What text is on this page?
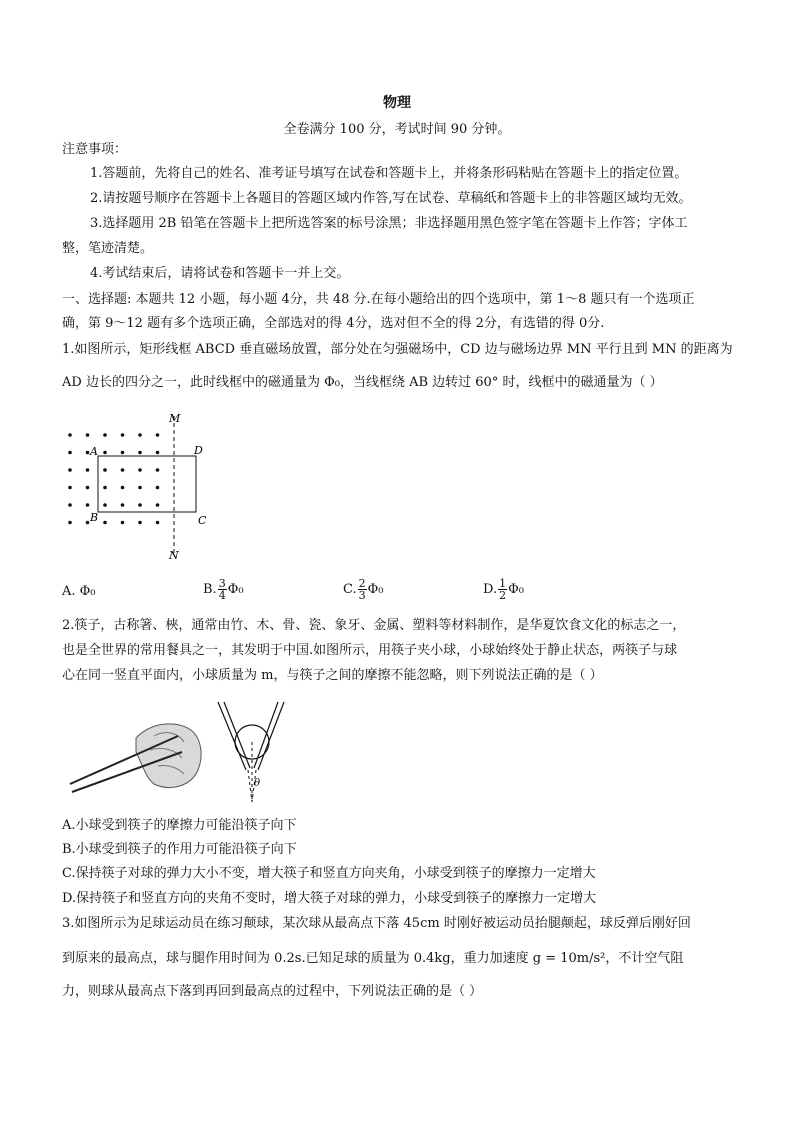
物理
全卷满分 100 分，考试时间 90 分钟。
注意事项：
1.答题前，先将自己的姓名、准考证号填写在试卷和答题卡上，并将条形码粘贴在答题卡上的指定位置。
2.请按题号顺序在答题卡上各题目的答题区域内作答,写在试卷、草稿纸和答题卡上的非答题区域均无效。
3.选择题用 2B 铅笔在答题卡上把所选答案的标号涂黑；非选择题用黑色签字笔在答题卡上作答；字体工
整，笔迹清楚。
4.考试结束后，请将试卷和答题卡一并上交。
一、选择题: 本题共 12 小题，每小题 4分，共 48 分.在每小题给出的四个选项中，第 1～8 题只有一个选项正
确，第 9～12 题有多个选项正确，全部选对的得 4分，选对但不全的得 2分，有选错的得 0分.
1.如图所示，矩形线框 ABCD 垂直磁场放置，部分处在匀强磁场中，CD 边与磁场边界 MN 平行且到 MN 的距离为
AD 边长的四分之一，此时线框中的磁通量为 Φ₀，当线框绕 AB 边转过 60° 时，线框中的磁通量为（ ）
M
N
A
B	C
D
A. Φ₀	B. $\frac{3}{4} \Phi_0$	C. $\frac{2}{3} \Phi_0$	D. $\frac{1}{2} \Phi_0$
2.筷子，古称箸、梜，通常由竹、木、骨、瓷、象牙、金属、塑料等材料制作，是华夏饮食文化的标志之一，
也是全世界的常用餐具之一，其发明于中国.如图所示，用筷子夹小球，小球始终处于静止状态，两筷子与球
心在同一竖直平面内，小球质量为 m，与筷子之间的摩擦不能忽略，则下列说法正确的是（ ）
θ
A.小球受到筷子的摩擦力可能沿筷子向下
B.小球受到筷子的作用力可能沿筷子向下
C.保持筷子对球的弹力大小不变，增大筷子和竖直方向夹角，小球受到筷子的摩擦力一定增大
D.保持筷子和竖直方向的夹角不变时，增大筷子对球的弹力，小球受到筷子的摩擦力一定增大
3.如图所示为足球运动员在练习颠球，某次球从最高点下落 45cm 时刚好被运动员抬腿颠起，球反弹后刚好回
到原来的最高点，球与腿作用时间为 0.2s.已知足球的质量为 0.4kg，重力加速度 g = 10m/s²，不计空气阻
力，则球从最高点下落到再回到最高点的过程中，下列说法正确的是（ ）
